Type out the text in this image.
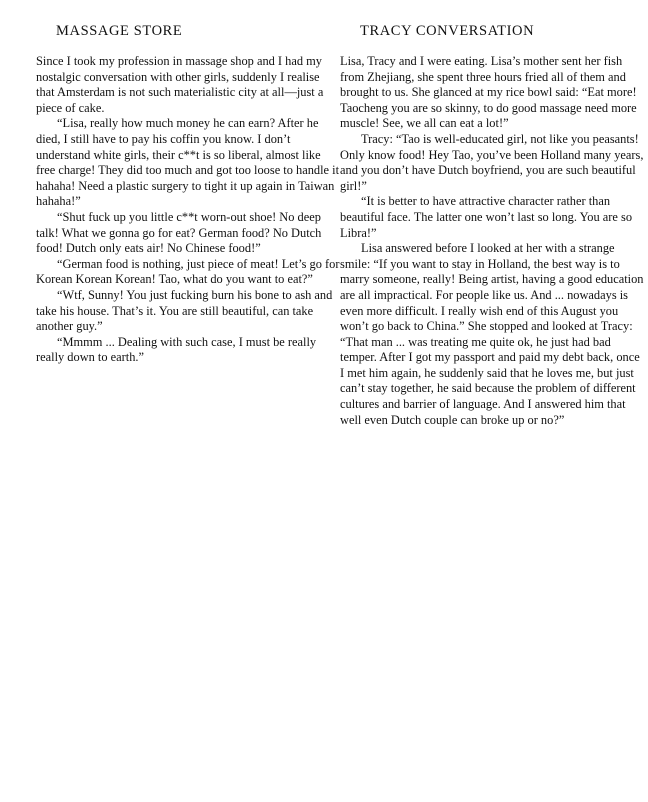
MASSAGE STORE

Since I took my profession in massage shop and I had my nostalgic conversation with other girls, suddenly I realise that Amsterdam is not such materialistic city at all—just a piece of cake.

“Lisa, really how much money he can earn? After he died, I still have to pay his coffin you know. I don’t understand white girls, their c**t is so liberal, almost like free charge! They did too much and got too loose to handle it hahaha! Need a plastic surgery to tight it up again in Taiwan hahaha!”

“Shut fuck up you little c**t worn-out shoe! No deep talk! What we gonna go for eat? German food? No Dutch food! Dutch only eats air! No Chinese food!”

“German food is nothing, just piece of meat! Let’s go for Korean Korean Korean! Tao, what do you want to eat?”

“Wtf, Sunny! You just fucking burn his bone to ash and take his house. That’s it. You are still beautiful, can take another guy.”

“Mmmm ... Dealing with such case, I must be really really down to earth.”

TRACY CONVERSATION

Lisa, Tracy and I were eating. Lisa’s mother sent her fish from Zhejiang, she spent three hours fried all of them and brought to us. She glanced at my rice bowl said: “Eat more! Taocheng you are so skinny, to do good massage need more muscle! See, we all can eat a lot!”

Tracy: “Tao is well-educated girl, not like you peasants! Only know food! Hey Tao, you’ve been Holland many years, and you don’t have Dutch boyfriend, you are such beautiful girl!”

“It is better to have attractive character rather than beautiful face. The latter one won’t last so long. You are so Libra!”

Lisa answered before I looked at her with a strange smile: “If you want to stay in Holland, the best way is to marry someone, really! Being artist, having a good education are all impractical. For people like us. And ... nowadays is even more difficult. I really wish end of this August you won’t go back to China.” She stopped and looked at Tracy: “That man ... was treating me quite ok, he just had bad temper. After I got my passport and paid my debt back, once I met him again, he suddenly said that he loves me, but just can’t stay together, he said because the problem of different cultures and barrier of language. And I answered him that well even Dutch couple can broke up or no?”
